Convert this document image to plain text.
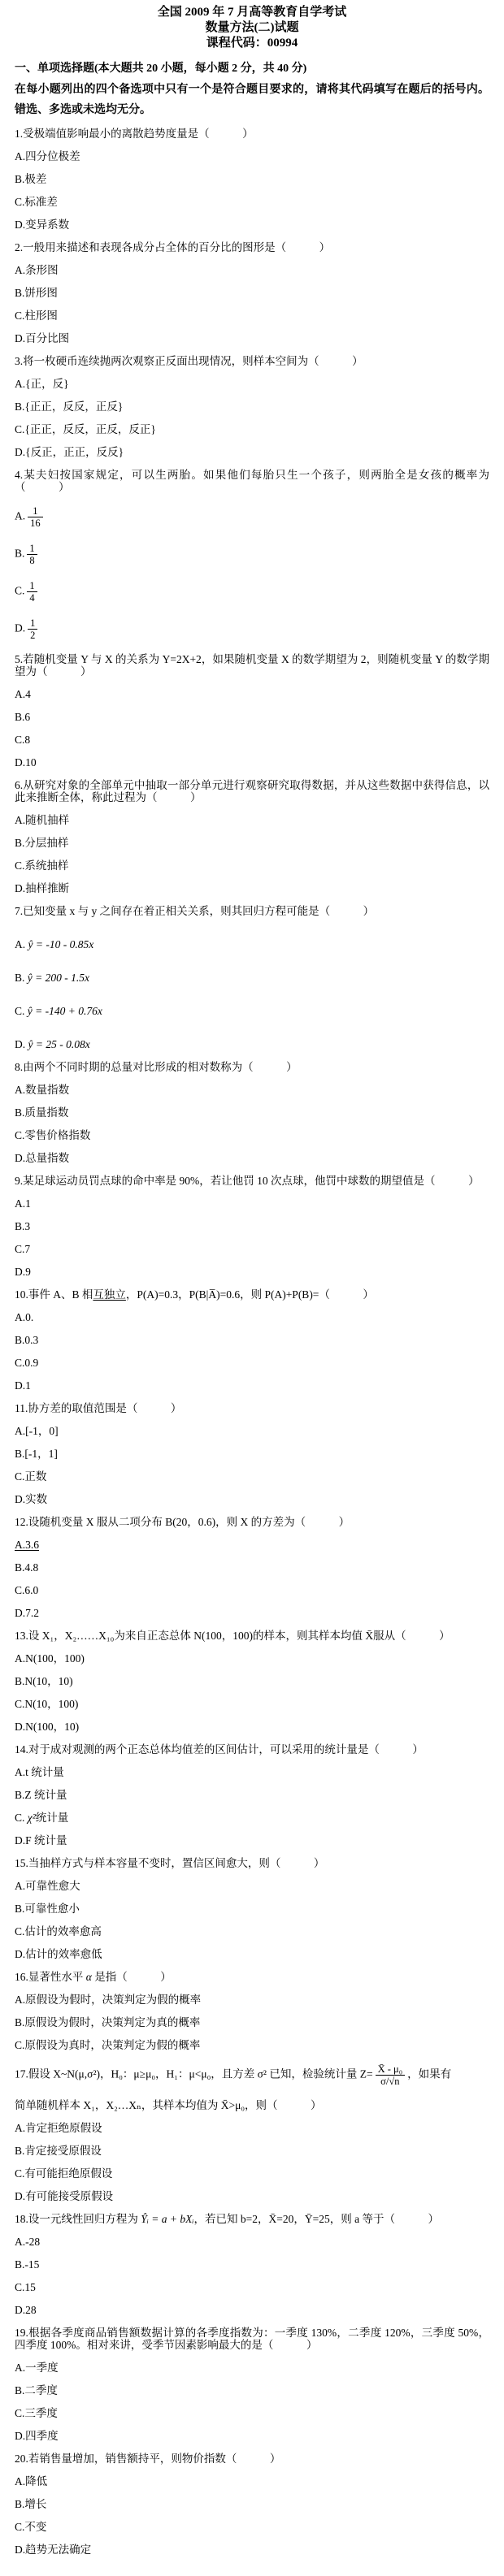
全国 2009 年 7 月高等教育自学考试

数量方法(二)试题

课程代码：00994

一、单项选择题(本大题共 20 小题，每小题 2 分，共 40 分)

在每小题列出的四个备选项中只有一个是符合题目要求的，请将其代码填写在题后的括号内。错选、多选或未选均无分。

1.受极端值影响最小的离散趋势度量是（　　　）

A.四分位极差

B.极差

C.标准差

D.变异系数

2.一般用来描述和表现各成分占全体的百分比的图形是（　　　）

A.条形图

B.饼形图

C.柱形图

D.百分比图

3.将一枚硬币连续抛两次观察正反面出现情况，则样本空间为（　　　）

A.{正，反}

B.{正正，反反，正反}

C.{正正，反反，正反，反正}

D.{反正，正正，反反}

4.某夫妇按国家规定，可以生两胎。如果他们每胎只生一个孩子，则两胎全是女孩的概率为（　　　）

A. $\frac{1}{16}$

B. $\frac{1}{8}$

C. $\frac{1}{4}$

D. $\frac{1}{2}$

5.若随机变量 Y 与 X 的关系为 Y=2X+2，如果随机变量 X 的数学期望为 2，则随机变量 Y 的数学期望为（　　　）

A.4

B.6

C.8

D.10

6.从研究对象的全部单元中抽取一部分单元进行观察研究取得数据，并从这些数据中获得信息，以此来推断全体，称此过程为（　　　）

A.随机抽样

B.分层抽样

C.系统抽样

D.抽样推断

7.已知变量 x 与 y 之间存在着正相关关系，则其回归方程可能是（　　　）

A. ŷ = -10 - 0.85x

B. ŷ = 200 - 1.5x

C. ŷ = -140 + 0.76x

D. ŷ = 25 - 0.08x

8.由两个不同时期的总量对比形成的相对数称为（　　　）

A.数量指数

B.质量指数

C.零售价格指数

D.总量指数

9.某足球运动员罚点球的命中率是 90%，若让他罚 10 次点球，他罚中球数的期望值是（　　　）

A.1

B.3

C.7

D.9

10.事件 A、B 相互独立，P(A)=0.3，P(B|A̅)=0.6，则 P(A)+P(B)=（　　　）

A.0.

B.0.3

C.0.9

D.1

11.协方差的取值范围是（　　　）

A.[-1，0]

B.[-1，1]

C.正数

D.实数

12.设随机变量 X 服从二项分布 B(20，0.6)，则 X 的方差为（　　　）

A.3.6

B.4.8

C.6.0

D.7.2

13.设 X₁，X₂……X₁₀为来自正态总体 N(100，100)的样本，则其样本均值 X̄服从（　　　）

A.N(100，100)

B.N(10，10)

C.N(10，100)

D.N(100，10)

14.对于成对观测的两个正态总体均值差的区间估计，可以采用的统计量是（　　　）

A.t 统计量

B.Z 统计量

C. χ²统计量

D.F 统计量

15.当抽样方式与样本容量不变时，置信区间愈大，则（　　　）

A.可靠性愈大

B.可靠性愈小

C.估计的效率愈高

D.估计的效率愈低

16.显著性水平 α 是指（　　　）

A.原假设为假时，决策判定为假的概率

B.原假设为假时，决策判定为真的概率

C.原假设为真时，决策判定为假的概率

17.假设 X~N(μ,σ²)，H₀：μ≥μ₀，H₁：μ<μ₀，且方差 σ² 已知，检验统计量 $Z= \frac{\text{X̄ - μ₀}}{\sigma/√n}$ ，如果有

简单随机样本 X₁，X₂…Xₙ，其样本均值为 X̄>μ₀，则（　　　）

A.肯定拒绝原假设

B.肯定接受原假设

C.有可能拒绝原假设

D.有可能接受原假设

18.设一元线性回归方程为 Ŷᵢ = a + bXᵢ，若已知 b=2，X̄=20，Ȳ=25，则 a 等于（　　　）

A.-28

B.-15

C.15

D.28

19.根据各季度商品销售额数据计算的各季度指数为：一季度 130%，二季度 120%，三季度 50%，四季度 100%。相对来讲，受季节因素影响最大的是（　　　）

A.一季度

B.二季度

C.三季度

D.四季度

20.若销售量增加，销售额持平，则物价指数（　　　）

A.降低

B.增长

C.不变

D.趋势无法确定
